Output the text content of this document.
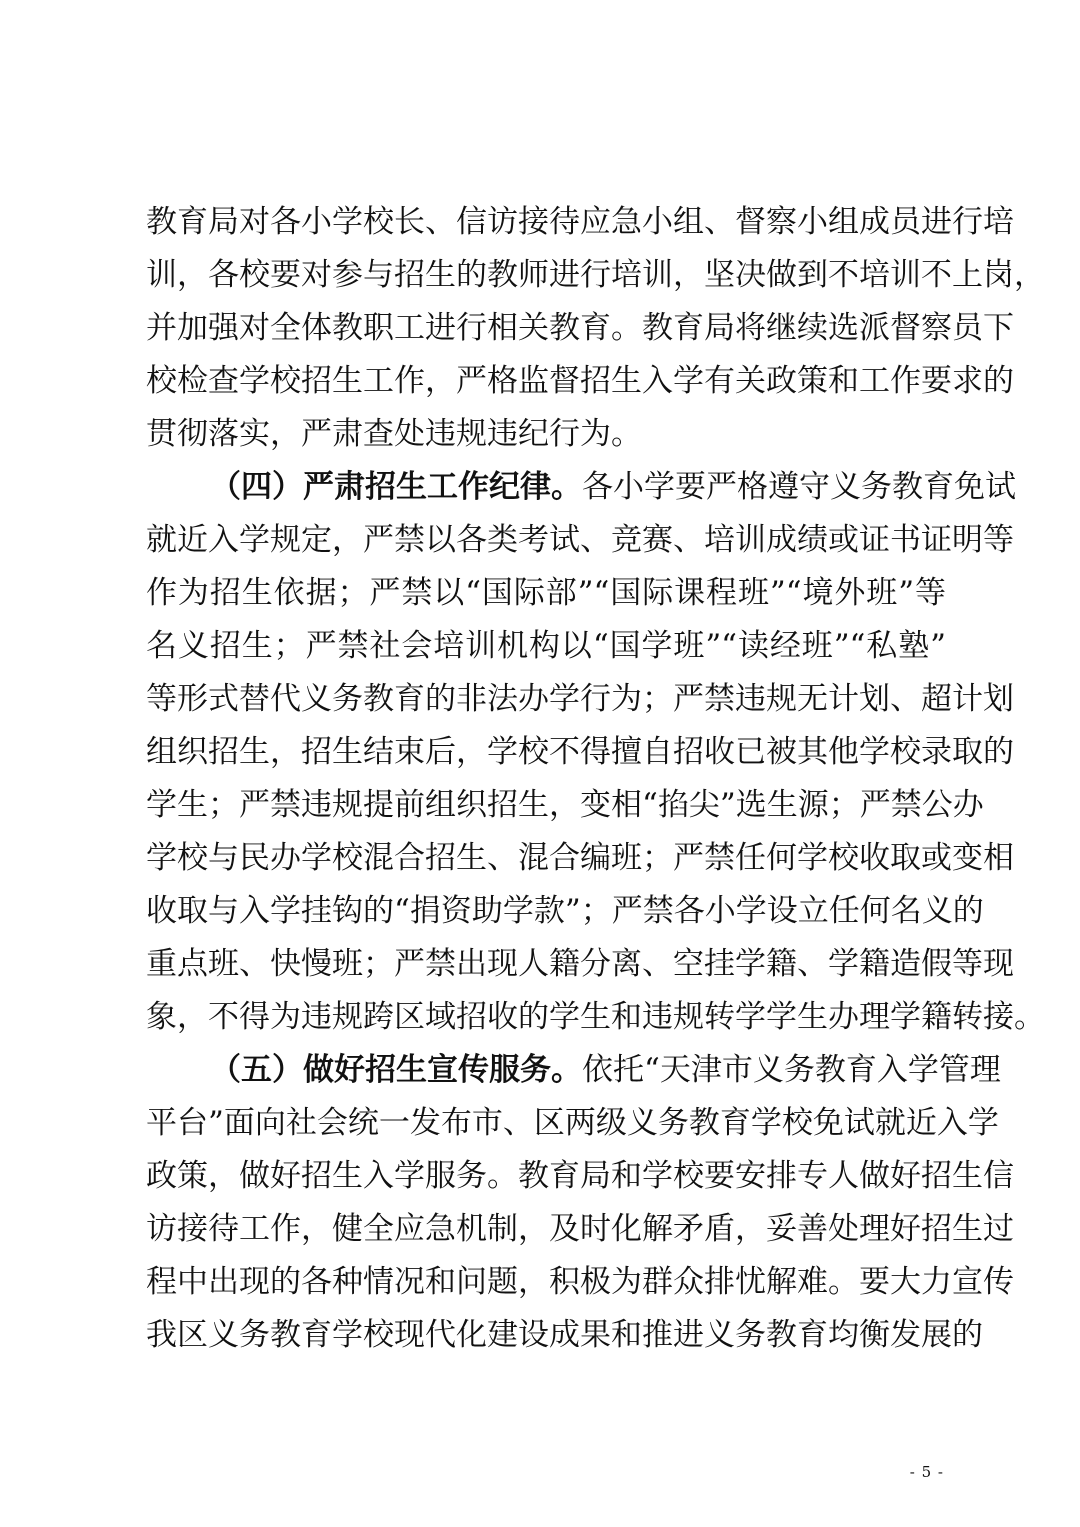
教育局对各小学校长、信访接待应急小组、督察小组成员进行培
训，各校要对参与招生的教师进行培训，坚决做到不培训不上岗，
并加强对全体教职工进行相关教育。教育局将继续选派督察员下
校检查学校招生工作，严格监督招生入学有关政策和工作要求的
贯彻落实，严肃查处违规违纪行为。
（四）严肃招生工作纪律。各小学要严格遵守义务教育免试
就近入学规定，严禁以各类考试、竞赛、培训成绩或证书证明等
作为招生依据；严禁以“国际部”“国际课程班”“境外班”等
名义招生；严禁社会培训机构以“国学班”“读经班”“私塾”
等形式替代义务教育的非法办学行为；严禁违规无计划、超计划
组织招生，招生结束后，学校不得擅自招收已被其他学校录取的
学生；严禁违规提前组织招生，变相“掐尖”选生源；严禁公办
学校与民办学校混合招生、混合编班；严禁任何学校收取或变相
收取与入学挂钩的“捐资助学款”；严禁各小学设立任何名义的
重点班、快慢班；严禁出现人籍分离、空挂学籍、学籍造假等现
象，不得为违规跨区域招收的学生和违规转学学生办理学籍转接。
（五）做好招生宣传服务。依托“天津市义务教育入学管理
平台”面向社会统一发布市、区两级义务教育学校免试就近入学
政策，做好招生入学服务。教育局和学校要安排专人做好招生信
访接待工作，健全应急机制，及时化解矛盾，妥善处理好招生过
程中出现的各种情况和问题，积极为群众排忧解难。要大力宣传
我区义务教育学校现代化建设成果和推进义务教育均衡发展的
- 5 -
